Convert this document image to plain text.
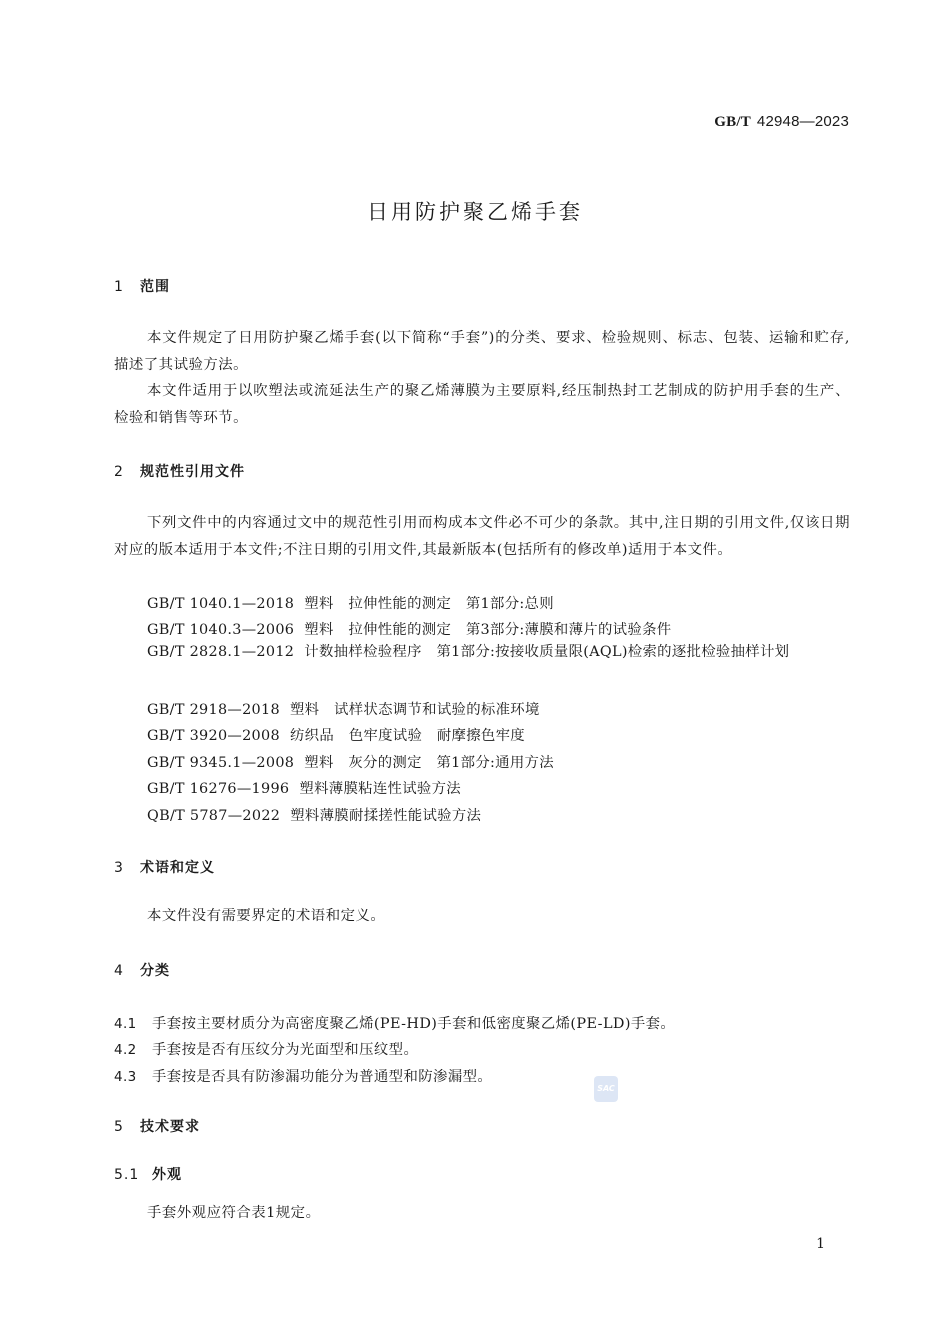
GB/T 42948—2023
日用防护聚乙烯手套
1 范围
本文件规定了日用防护聚乙烯手套(以下简称“手套”)的分类、要求、检验规则、标志、包装、运输和贮存,描述了其试验方法。
本文件适用于以吹塑法或流延法生产的聚乙烯薄膜为主要原料,经压制热封工艺制成的防护用手套的生产、检验和销售等环节。
2 规范性引用文件
下列文件中的内容通过文中的规范性引用而构成本文件必不可少的条款。其中,注日期的引用文件,仅该日期对应的版本适用于本文件;不注日期的引用文件,其最新版本(包括所有的修改单)适用于本文件。
GB/T 1040.1—2018 塑料　拉伸性能的测定　第1部分:总则
GB/T 1040.3—2006 塑料　拉伸性能的测定　第3部分:薄膜和薄片的试验条件
GB/T 2828.1—2012 计数抽样检验程序　第1部分:按接收质量限(AQL)检索的逐批检验抽样计划
GB/T 2918—2018 塑料　试样状态调节和试验的标准环境
GB/T 3920—2008 纺织品　色牢度试验　耐摩擦色牢度
GB/T 9345.1—2008 塑料　灰分的测定　第1部分:通用方法
GB/T 16276—1996 塑料薄膜粘连性试验方法
QB/T 5787—2022 塑料薄膜耐揉搓性能试验方法
3 术语和定义
本文件没有需要界定的术语和定义。
4 分类
4.1 手套按主要材质分为高密度聚乙烯(PE-HD)手套和低密度聚乙烯(PE-LD)手套。
4.2 手套按是否有压纹分为光面型和压纹型。
4.3 手套按是否具有防渗漏功能分为普通型和防渗漏型。
SAC
5 技术要求
5.1 外观
手套外观应符合表1规定。
1
